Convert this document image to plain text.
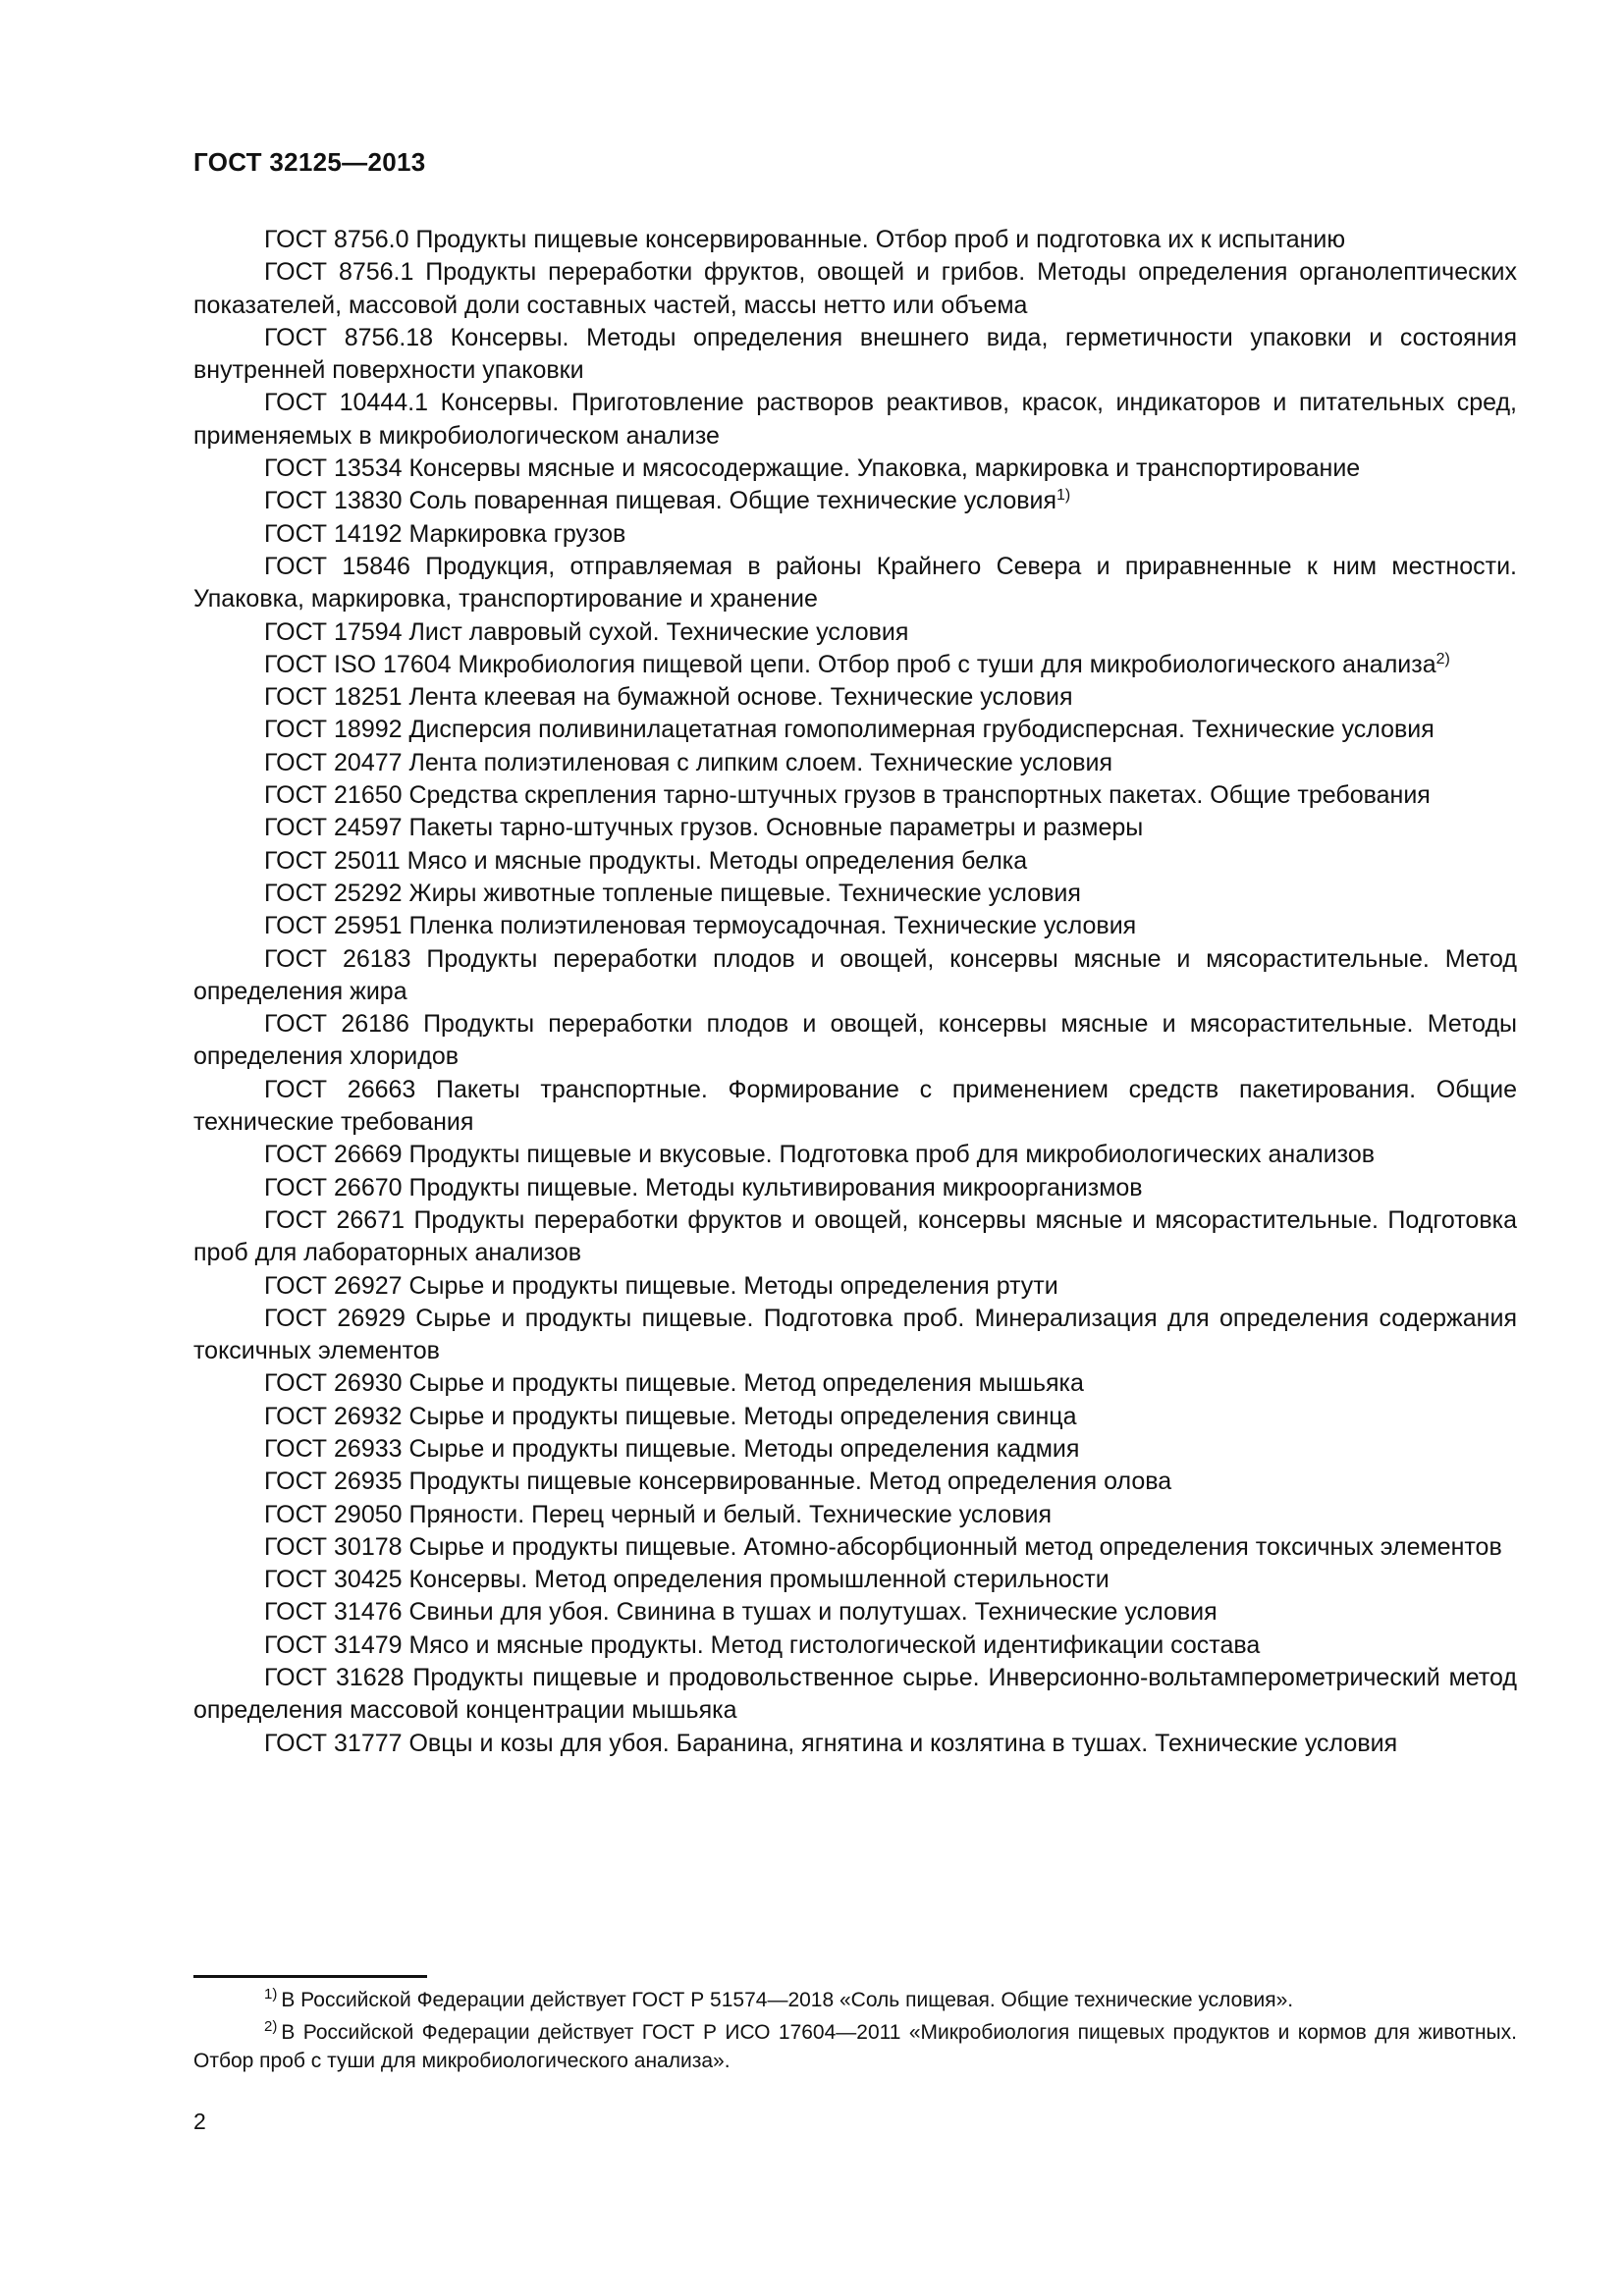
ГОСТ 32125—2013

ГОСТ 8756.0 Продукты пищевые консервированные. Отбор проб и подготовка их к испытанию

ГОСТ 8756.1 Продукты переработки фруктов, овощей и грибов. Методы определения органолептических показателей, массовой доли составных частей, массы нетто или объема

ГОСТ 8756.18 Консервы. Методы определения внешнего вида, герметичности упаковки и состояния внутренней поверхности упаковки

ГОСТ 10444.1 Консервы. Приготовление растворов реактивов, красок, индикаторов и питательных сред, применяемых в микробиологическом анализе

ГОСТ 13534 Консервы мясные и мясосодержащие. Упаковка, маркировка и транспортирование

ГОСТ 13830 Соль поваренная пищевая. Общие технические условия$^{1)}$

ГОСТ 14192 Маркировка грузов

ГОСТ 15846 Продукция, отправляемая в районы Крайнего Севера и приравненные к ним местности. Упаковка, маркировка, транспортирование и хранение

ГОСТ 17594 Лист лавровый сухой. Технические условия

ГОСТ ISO 17604 Микробиология пищевой цепи. Отбор проб с туши для микробиологического анализа$^{2)}$

ГОСТ 18251 Лента клеевая на бумажной основе. Технические условия

ГОСТ 18992 Дисперсия поливинилацетатная гомополимерная грубодисперсная. Технические условия

ГОСТ 20477 Лента полиэтиленовая с липким слоем. Технические условия

ГОСТ 21650 Средства скрепления тарно-штучных грузов в транспортных пакетах. Общие требования

ГОСТ 24597 Пакеты тарно-штучных грузов. Основные параметры и размеры

ГОСТ 25011 Мясо и мясные продукты. Методы определения белка

ГОСТ 25292 Жиры животные топленые пищевые. Технические условия

ГОСТ 25951 Пленка полиэтиленовая термоусадочная. Технические условия

ГОСТ 26183 Продукты переработки плодов и овощей, консервы мясные и мясорастительные. Метод определения жира

ГОСТ 26186 Продукты переработки плодов и овощей, консервы мясные и мясорастительные. Методы определения хлоридов

ГОСТ 26663 Пакеты транспортные. Формирование с применением средств пакетирования. Общие технические требования

ГОСТ 26669 Продукты пищевые и вкусовые. Подготовка проб для микробиологических анализов

ГОСТ 26670 Продукты пищевые. Методы культивирования микроорганизмов

ГОСТ 26671 Продукты переработки фруктов и овощей, консервы мясные и мясорастительные. Подготовка проб для лабораторных анализов

ГОСТ 26927 Сырье и продукты пищевые. Методы определения ртути

ГОСТ 26929 Сырье и продукты пищевые. Подготовка проб. Минерализация для определения содержания токсичных элементов

ГОСТ 26930 Сырье и продукты пищевые. Метод определения мышьяка

ГОСТ 26932 Сырье и продукты пищевые. Методы определения свинца

ГОСТ 26933 Сырье и продукты пищевые. Методы определения кадмия

ГОСТ 26935 Продукты пищевые консервированные. Метод определения олова

ГОСТ 29050 Пряности. Перец черный и белый. Технические условия

ГОСТ 30178 Сырье и продукты пищевые. Атомно-абсорбционный метод определения токсичных элементов

ГОСТ 30425 Консервы. Метод определения промышленной стерильности

ГОСТ 31476 Свиньи для убоя. Свинина в тушах и полутушах. Технические условия

ГОСТ 31479 Мясо и мясные продукты. Метод гистологической идентификации состава

ГОСТ 31628 Продукты пищевые и продовольственное сырье. Инверсионно-вольтамперометрический метод определения массовой концентрации мышьяка

ГОСТ 31777 Овцы и козы для убоя. Баранина, ягнятина и козлятина в тушах. Технические условия

$^{1)}$ В Российской Федерации действует ГОСТ Р 51574—2018 «Соль пищевая. Общие технические условия».

$^{2)}$ В Российской Федерации действует ГОСТ Р ИСО 17604—2011 «Микробиология пищевых продуктов и кормов для животных. Отбор проб с туши для микробиологического анализа».

2
